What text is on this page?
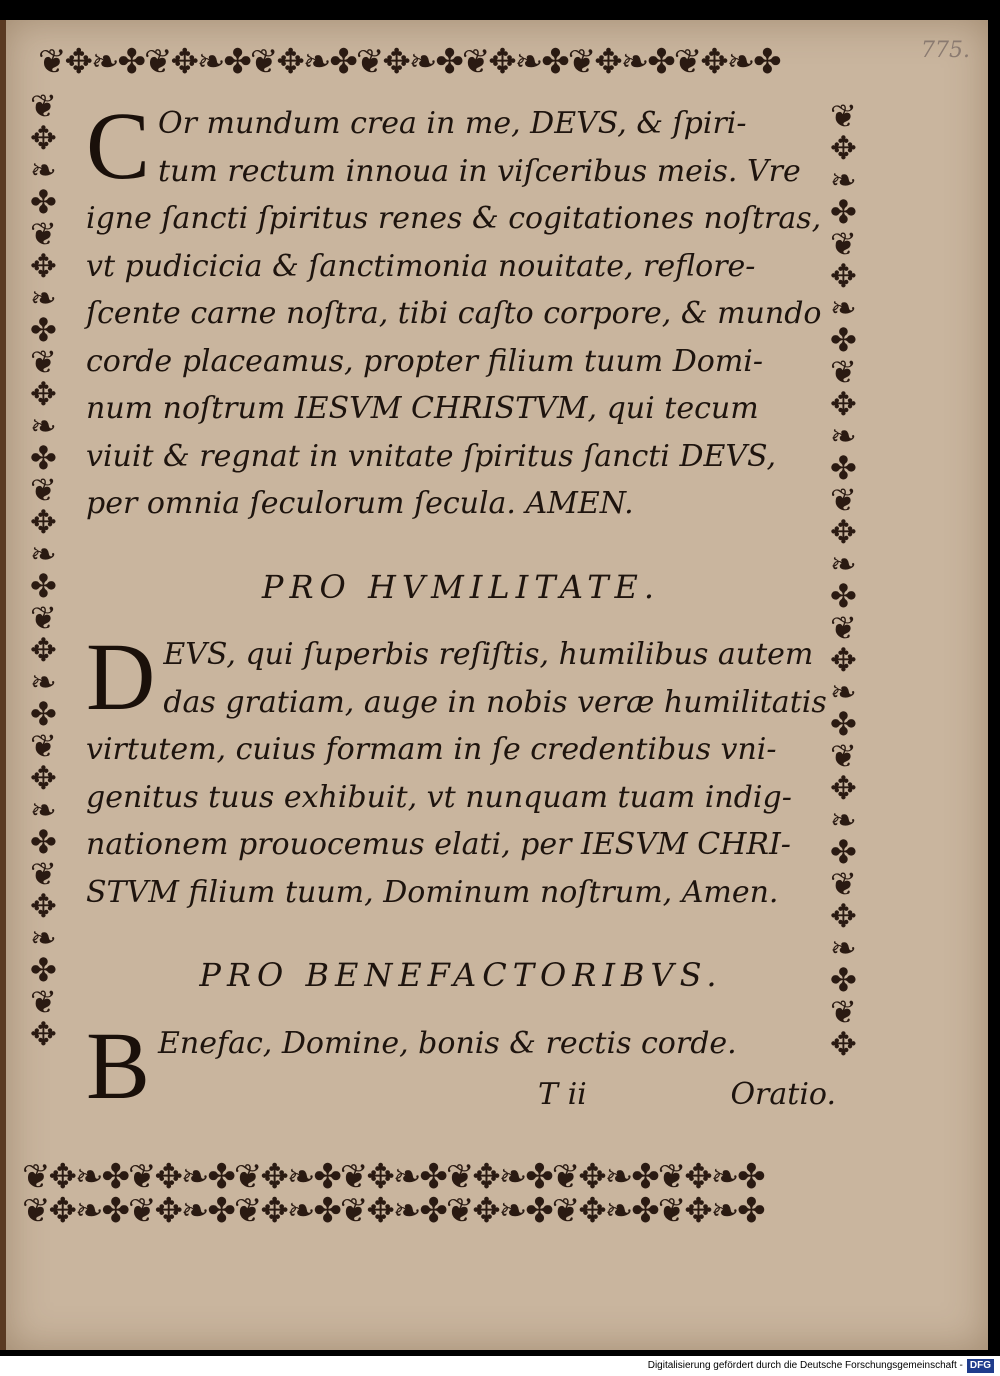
775.
❦✥❧✤❦✥❧✤❦✥❧✤❦✥❧✤❦✥❧✤❦✥❧✤❦✥❧✤
❦✥❧✤❦✥❧✤❦✥❧✤❦✥❧✤❦✥❧✤❦✥❧✤❦✥❧✤
❦✥❧✤❦✥❧✤❦✥❧✤❦✥❧✤❦✥❧✤❦✥❧✤❦✥❧✤
❦
✥
❧
✤
❦
✥
❧
✤
❦
✥
❧
✤
❦
✥
❧
✤
❦
✥
❧
✤
❦
✥
❧
✤
❦
✥
❧
✤
❦
✥
❦
✥
❧
✤
❦
✥
❧
✤
❦
✥
❧
✤
❦
✥
❧
✤
❦
✥
❧
✤
❦
✥
❧
✤
❦
✥
❧
✤
❦
✥
C Or mundum crea in me, DEVS, & ſpiri-
tum rectum innoua in viſceribus meis. Vre
igne ſancti ſpiritus renes & cogitationes noſtras,
vt pudicicia & ſanctimonia nouitate, reflore-
ſcente carne noſtra, tibi caſto corpore, & mundo
corde placeamus, propter filium tuum Domi-
num noſtrum IESVM CHRISTVM, qui tecum
viuit & regnat in vnitate ſpiritus ſancti DEVS,
per omnia ſeculorum ſecula. AMEN.
PRO HVMILITATE.
D EVS, qui ſuperbis reſiſtis, humilibus autem
das gratiam, auge in nobis veræ humilitatis
virtutem, cuius formam in ſe credentibus vni-
genitus tuus exhibuit, vt nunquam tuam indig-
nationem prouocemus elati, per IESVM CHRI-
STVM filium tuum, Dominum noſtrum, Amen.
PRO BENEFACTORIBVS.
B Enefac, Domine, bonis & rectis corde.
T ii	Oratio.
Digitalisierung gefördert durch die Deutsche Forschungsgemeinschaft - DFG
